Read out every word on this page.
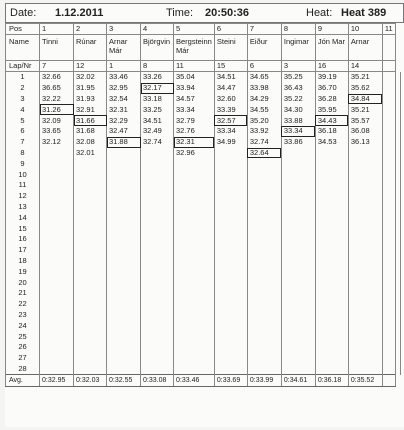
Date: 1.12.2011	Time: 20:50:36	Heat: Heat 389
Pos	1	2	3	4	5	6	7	8	9	10	11	
Name	Tinni	Rúnar	Arnar Már	Björgvin	Bergsteinn Már	Steini	Eiður	Ingimar	Jón Mar	Arnar		
Lap/Nr	7	12	1	8	11	15	6	3	16	14		
1	32.66	32.02	33.46	33.26	35.04	34.51	34.65	35.25	39.19	35.21		
2	36.65	31.95	32.95	32.17	33.94	34.47	33.98	36.43	36.70	35.62		
3	32.22	31.93	32.54	33.18	34.57	32.60	34.29	35.22	36.28	34.84		
4	31.26	32.91	32.31	33.25	33.34	33.39	34.55	34.30	35.95	35.21		
5	32.09	31.66	32.29	34.51	32.79	32.57	35.20	33.88	34.43	35.57		
6	33.65	31.68	32.47	32.49	32.76	33.34	33.92	33.34	36.18	36.08		
7	32.12	32.08	31.88	32.74	32.31	34.99	32.74	33.86	34.53	36.13		
8		32.01			32.96		32.64					
9												
10												
11												
12												
13												
14												
15												
16												
17												
18												
19												
20												
21												
22												
23												
24												
25												
26												
27												
28												
Avg.	0:32.95	0:32.03	0:32.55	0:33.08	0:33.46	0:33.69	0:33.99	0:34.61	0:36.18	0:35.52		
